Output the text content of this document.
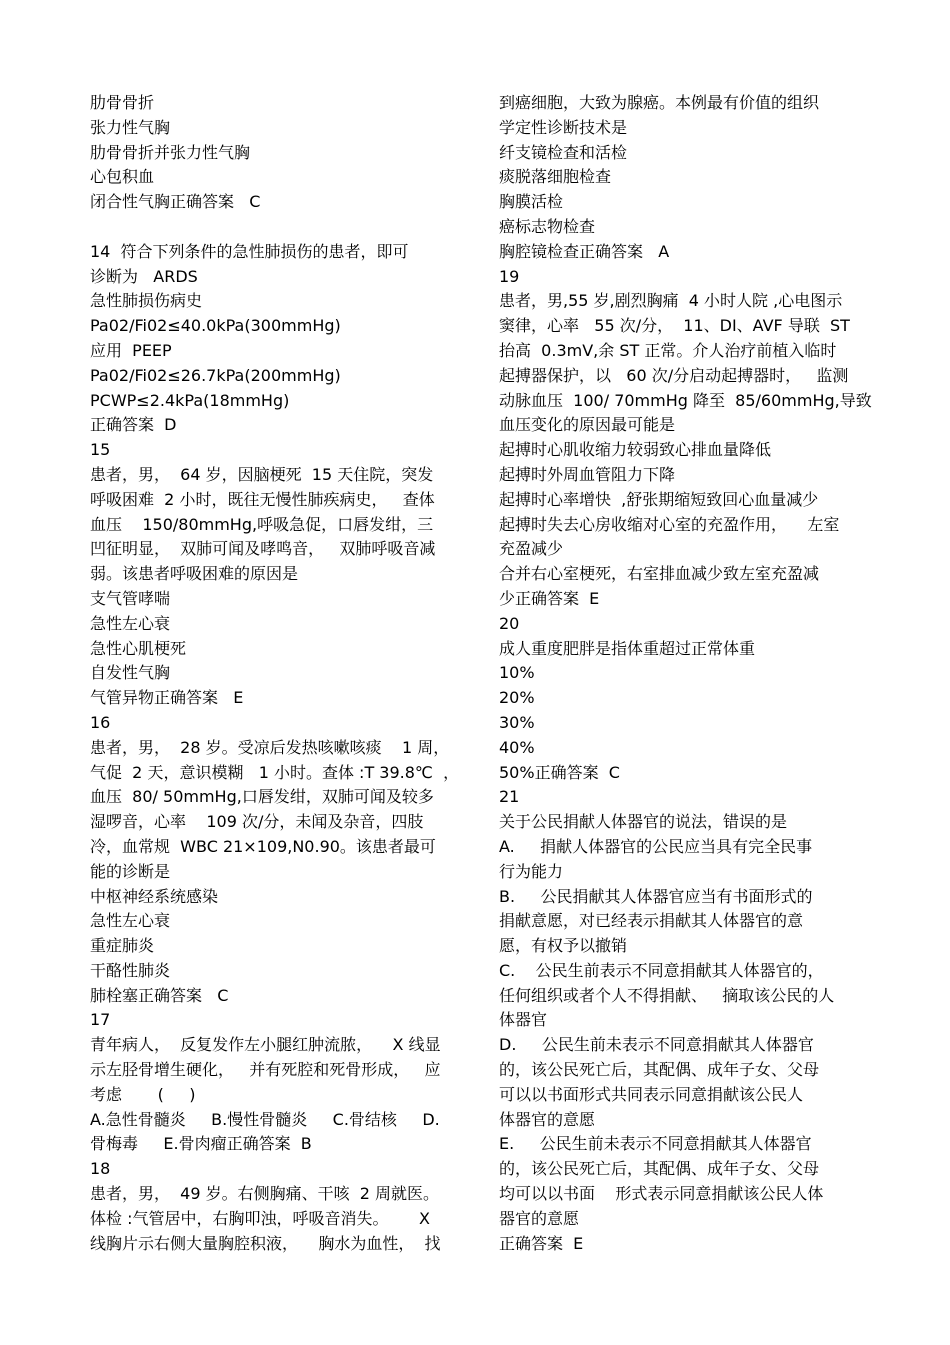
肋骨骨折
张力性气胸
肋骨骨折并张力性气胸
心包积血
闭合性气胸正确答案   C
14  符合下列条件的急性肺损伤的患者，即可
诊断为   ARDS
急性肺损伤病史
Pa02/Fi02≤40.0kPa(300mmHg)
应用  PEEP
Pa02/Fi02≤26.7kPa(200mmHg)
PCWP≤2.4kPa(18mmHg)
正确答案  D
15
患者，男，  64 岁，因脑梗死  15 天住院，突发
呼吸困难  2 小时，既往无慢性肺疾病史，   查体
血压    150/80mmHg,呼吸急促，口唇发绀，三
凹征明显，  双肺可闻及哮鸣音，   双肺呼吸音减
弱。该患者呼吸困难的原因是
支气管哮喘
急性左心衰
急性心肌梗死
自发性气胸
气管异物正确答案   E
16
患者，男，  28 岁。受凉后发热咳嗽咳痰    1 周，
气促  2 天，意识模糊   1 小时。查体 :T 39.8℃  ，
血压  80/ 50mmHg,口唇发绀，双肺可闻及较多
湿啰音，心率    109 次/分，未闻及杂音，四肢
冷，血常规  WBC 21×109,N0.90。该患者最可
能的诊断是
中枢神经系统感染
急性左心衰
重症肺炎
干酪性肺炎
肺栓塞正确答案   C
17
青年病人，  反复发作左小腿红肿流脓，    X 线显
示左胫骨增生硬化，   并有死腔和死骨形成，   应
考虑       (     )
A.急性骨髓炎     B.慢性骨髓炎     C.骨结核     D.
骨梅毒     E.骨肉瘤正确答案  B
18
患者，男，  49 岁。右侧胸痛、干咳  2 周就医。
体检 :气管居中，右胸叩浊，呼吸音消失。      X
线胸片示右侧大量胸腔积液，    胸水为血性，  找
到癌细胞，大致为腺癌。本例最有价值的组织
学定性诊断技术是
纤支镜检查和活检
痰脱落细胞检查
胸膜活检
癌标志物检查
胸腔镜检查正确答案   A
19
患者，男,55 岁,剧烈胸痛  4 小时人院 ,心电图示
窦律，心率   55 次/分，  11、DI、AVF 导联  ST
抬高  0.3mV,余 ST 正常。介人治疗前植入临时
起搏器保护，以   60 次/分启动起搏器时，   监测
动脉血压  100/ 70mmHg 降至  85/60mmHg,导致
血压变化的原因最可能是
起搏时心肌收缩力较弱致心排血量降低
起搏时外周血管阻力下降
起搏时心率增快  ,舒张期缩短致回心血量减少
起搏时失去心房收缩对心室的充盈作用，    左室
充盈减少
合并右心室梗死，右室排血减少致左室充盈减
少正确答案  E
20
成人重度肥胖是指体重超过正常体重
10%
20%
30%
40%
50%正确答案  C
21
关于公民捐献人体器官的说法，错误的是
A.     捐献人体器官的公民应当具有完全民事
行为能力
B.     公民捐献其人体器官应当有书面形式的
捐献意愿，对已经表示捐献其人体器官的意
愿，有权予以撤销
C.    公民生前表示不同意捐献其人体器官的，
任何组织或者个人不得捐献、   摘取该公民的人
体器官
D.     公民生前未表示不同意捐献其人体器官
的，该公民死亡后，其配偶、成年子女、父母
可以以书面形式共同表示同意捐献该公民人
体器官的意愿
E.     公民生前未表示不同意捐献其人体器官
的，该公民死亡后，其配偶、成年子女、父母
均可以以书面    形式表示同意捐献该公民人体
器官的意愿
正确答案  E
